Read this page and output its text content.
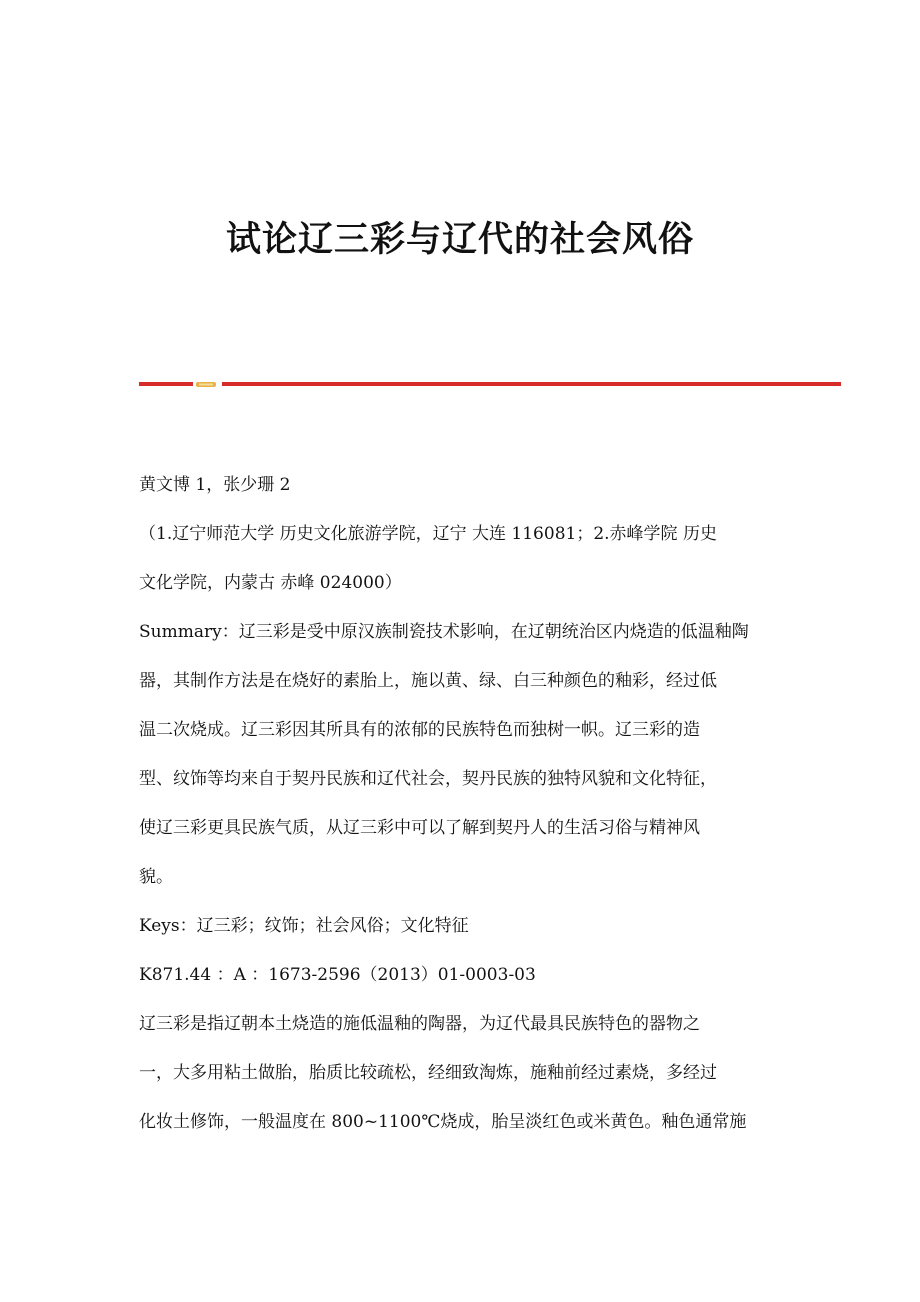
试论辽三彩与辽代的社会风俗
黄文博 1，张少珊 2
（1.辽宁师范大学 历史文化旅游学院，辽宁 大连 116081；2.赤峰学院 历史
文化学院，内蒙古 赤峰 024000）
Summary：辽三彩是受中原汉族制瓷技术影响，在辽朝统治区内烧造的低温釉陶
器，其制作方法是在烧好的素胎上，施以黄、绿、白三种颜色的釉彩，经过低
温二次烧成。辽三彩因其所具有的浓郁的民族特色而独树一帜。辽三彩的造
型、纹饰等均来自于契丹民族和辽代社会，契丹民族的独特风貌和文化特征，
使辽三彩更具民族气质，从辽三彩中可以了解到契丹人的生活习俗与精神风
貌。
Keys：辽三彩；纹饰；社会风俗；文化特征
K871.44 ：A ：1673-2596（2013）01-0003-03
辽三彩是指辽朝本土烧造的施低温釉的陶器，为辽代最具民族特色的器物之
一，大多用粘土做胎，胎质比较疏松，经细致淘炼，施釉前经过素烧，多经过
化妆土修饰，一般温度在 800~1100℃烧成，胎呈淡红色或米黄色。釉色通常施
